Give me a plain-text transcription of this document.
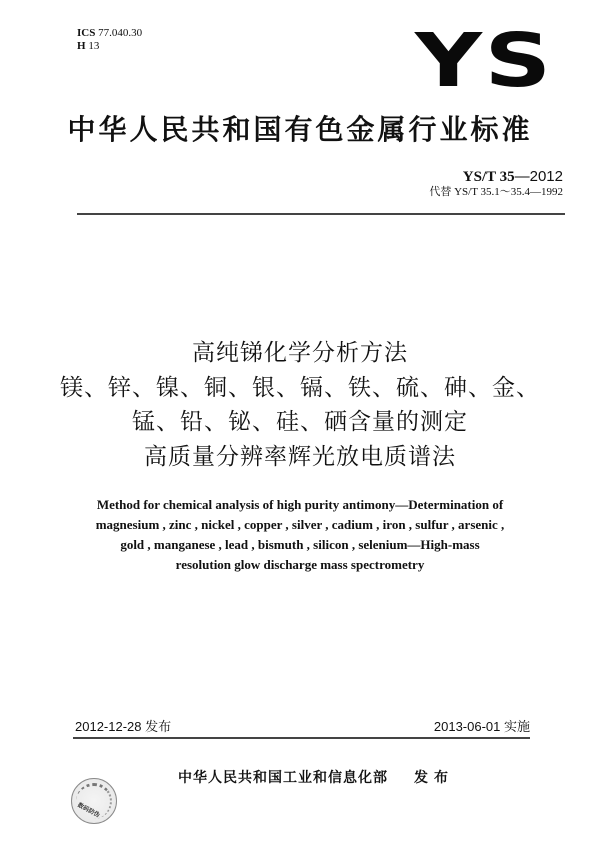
ICS 77.040.30
H 13	YS
中华人民共和国有色金属行业标准
YS/T 35—2012
代替 YS/T 35.1～35.4—1992
高纯锑化学分析方法
镁、锌、镍、铜、银、镉、铁、硫、砷、金、
锰、铅、铋、硅、硒含量的测定
高质量分辨率辉光放电质谱法
Method for chemical analysis of high purity antimony—Determination of
magnesium , zinc , nickel , copper , silver , cadium , iron , sulfur , arsenic ,
gold , manganese , lead , bismuth , silicon , selenium—High-mass
resolution glow discharge mass spectrometry
2012-12-28 发布	2013-06-01 实施
数码防伪
中华人民共和国工业和信息化部 发布
